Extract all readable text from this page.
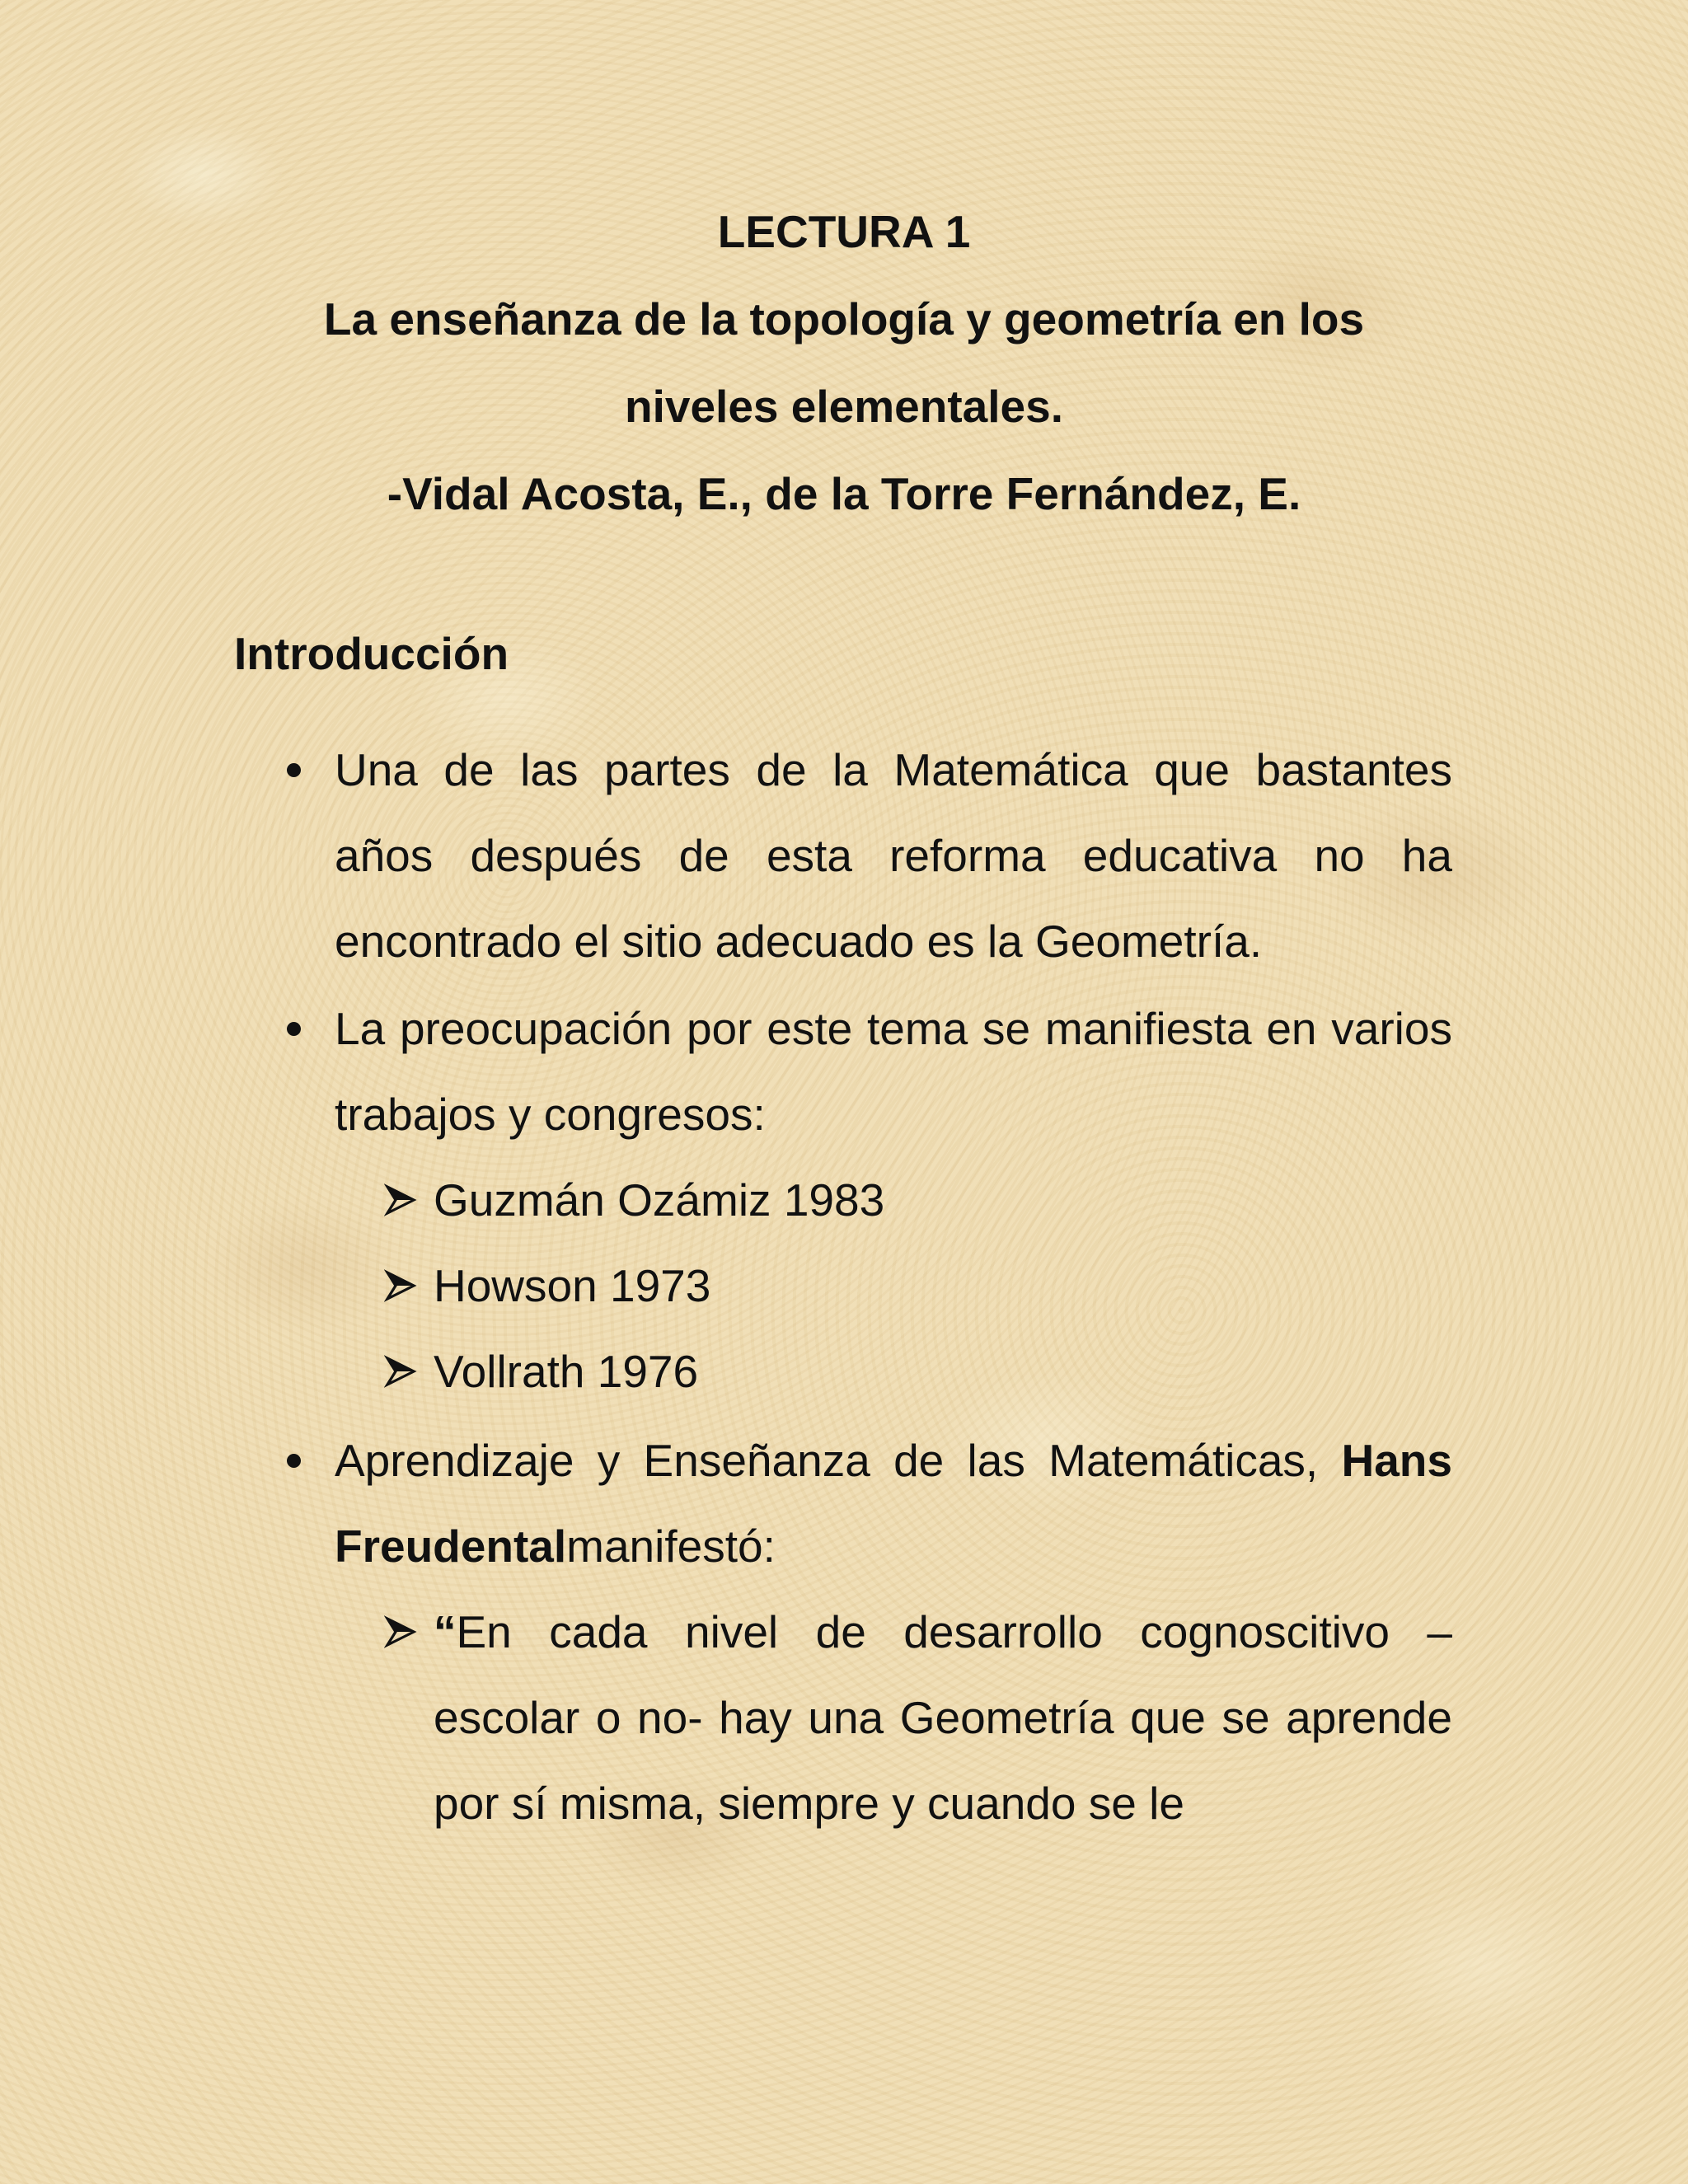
LECTURA 1
La enseñanza de la topología y geometría en los
niveles elementales.
-Vidal Acosta, E., de la Torre Fernández, E.
Introducción
Una de las partes de la Matemática que bastantes años después de esta reforma educativa no ha encontrado el sitio adecuado es la Geometría.
La preocupación por este tema se manifiesta en varios trabajos y congresos:
Guzmán Ozámiz 1983
Howson 1973
Vollrath 1976
Aprendizaje y Enseñanza de las Matemáticas, Hans Freudentalmanifestó:
“En cada nivel de desarrollo cognoscitivo – escolar o no- hay una Geometría que se aprende por sí misma, siempre y cuando se le
